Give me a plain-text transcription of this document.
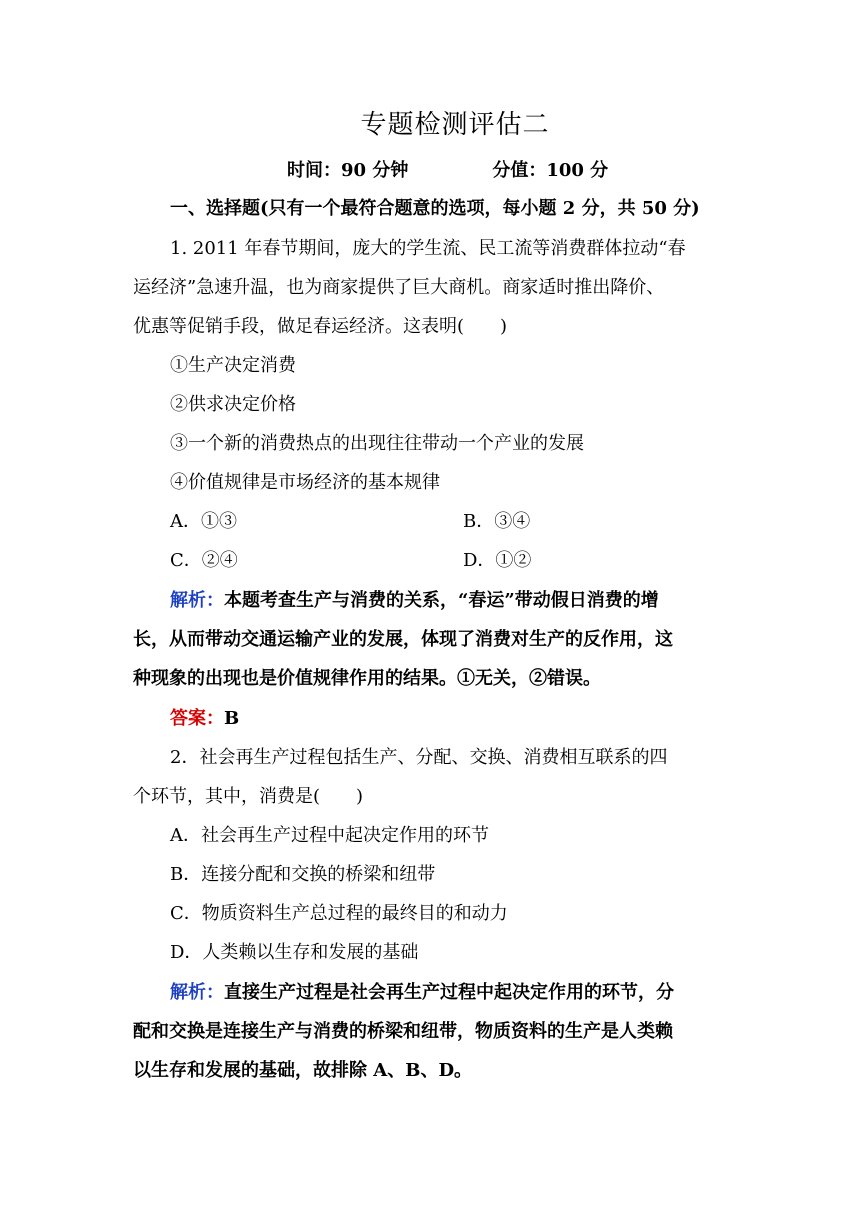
专题检测评估二
时间：90 分钟	分值：100 分
一、选择题(只有一个最符合题意的选项，每小题 2 分，共 50 分)
1. 2011 年春节期间，庞大的学生流、民工流等消费群体拉动“春
运经济”急速升温，也为商家提供了巨大商机。商家适时推出降价、
优惠等促销手段，做足春运经济。这表明(　　)
①生产决定消费
②供求决定价格
③一个新的消费热点的出现往往带动一个产业的发展
④价值规律是市场经济的基本规律
A．①③	B．③④
C．②④	D．①②
解析：本题考查生产与消费的关系，“春运”带动假日消费的增
长，从而带动交通运输产业的发展，体现了消费对生产的反作用，这
种现象的出现也是价值规律作用的结果。①无关，②错误。
答案：B
2．社会再生产过程包括生产、分配、交换、消费相互联系的四
个环节，其中，消费是(　　)
A．社会再生产过程中起决定作用的环节
B．连接分配和交换的桥梁和纽带
C．物质资料生产总过程的最终目的和动力
D．人类赖以生存和发展的基础
解析：直接生产过程是社会再生产过程中起决定作用的环节，分
配和交换是连接生产与消费的桥梁和纽带，物质资料的生产是人类赖
以生存和发展的基础，故排除 A、B、D。
